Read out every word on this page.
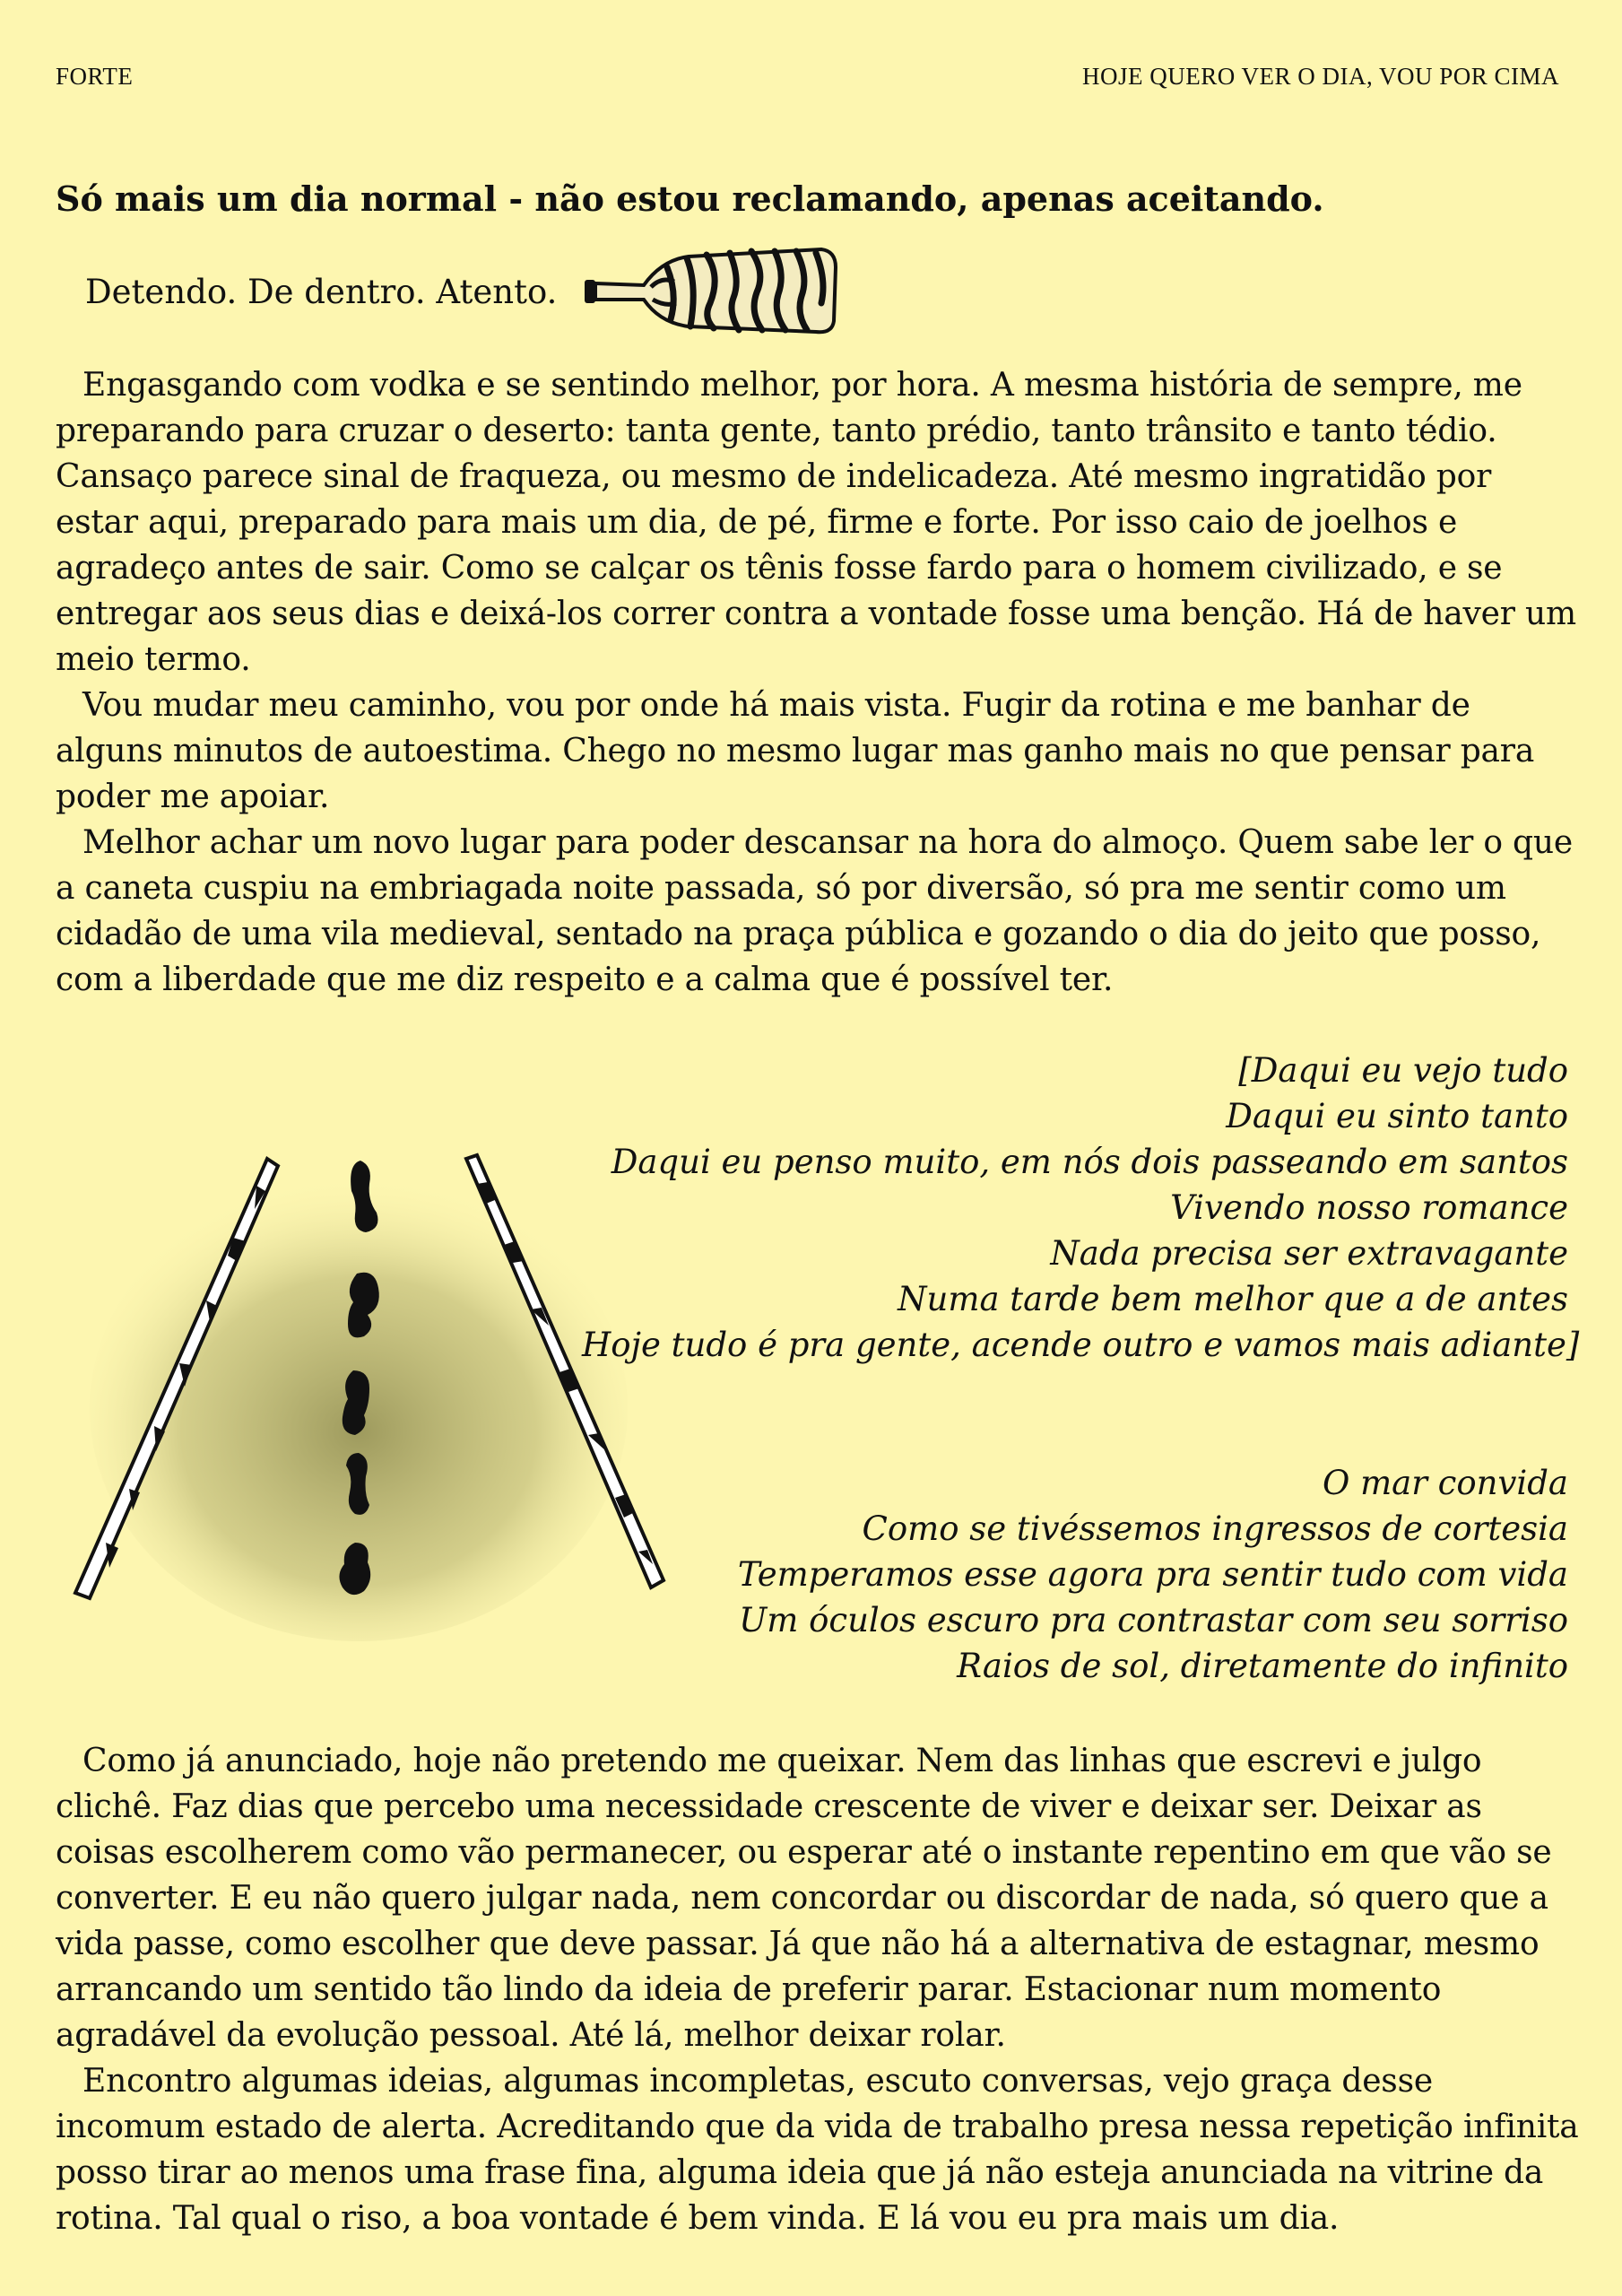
FORTE	HOJE QUERO VER O DIA, VOU POR CIMA
Só mais um dia normal - não estou reclamando, apenas aceitando.
Detendo. De dentro. Atento.

Engasgando com vodka e se sentindo melhor, por hora. A mesma história de sempre, me preparando para cruzar o deserto: tanta gente, tanto prédio, tanto trânsito e tanto tédio. Cansaço parece sinal de fraqueza, ou mesmo de indelicadeza. Até mesmo ingratidão por estar aqui, preparado para mais um dia, de pé, firme e forte. Por isso caio de joelhos e agradeço antes de sair. Como se calçar os tênis fosse fardo para o homem civilizado, e se entregar aos seus dias e deixá-los correr contra a vontade fosse uma benção. Há de haver um meio termo.

Vou mudar meu caminho, vou por onde há mais vista. Fugir da rotina e me banhar de alguns minutos de autoestima. Chego no mesmo lugar mas ganho mais no que pensar para poder me apoiar.

Melhor achar um novo lugar para poder descansar na hora do almoço. Quem sabe ler o que a caneta cuspiu na embriagada noite passada, só por diversão, só pra me sentir como um cidadão de uma vila medieval, sentado na praça pública e gozando o dia do jeito que posso, com a liberdade que me diz respeito e a calma que é possível ter.

[Daqui eu vejo tudo
Daqui eu sinto tanto
Daqui eu penso muito, em nós dois passeando em santos
Vivendo nosso romance
Nada precisa ser extravagante
Numa tarde bem melhor que a de antes
Hoje tudo é pra gente, acende outro e vamos mais adiante]
O mar convida
Como se tivéssemos ingressos de cortesia
Temperamos esse agora pra sentir tudo com vida
Um óculos escuro pra contrastar com seu sorriso
Raios de sol, diretamente do infinito

Como já anunciado, hoje não pretendo me queixar. Nem das linhas que escrevi e julgo clichê. Faz dias que percebo uma necessidade crescente de viver e deixar ser. Deixar as coisas escolherem como vão permanecer, ou esperar até o instante repentino em que vão se converter. E eu não quero julgar nada, nem concordar ou discordar de nada, só quero que a vida passe, como escolher que deve passar. Já que não há a alternativa de estagnar, mesmo arrancando um sentido tão lindo da ideia de preferir parar. Estacionar num momento agradável da evolução pessoal. Até lá, melhor deixar rolar.

Encontro algumas ideias, algumas incompletas, escuto conversas, vejo graça desse incomum estado de alerta. Acreditando que da vida de trabalho presa nessa repetição infinita posso tirar ao menos uma frase fina, alguma ideia que já não esteja anunciada na vitrine da rotina. Tal qual o riso, a boa vontade é bem vinda. E lá vou eu pra mais um dia.
